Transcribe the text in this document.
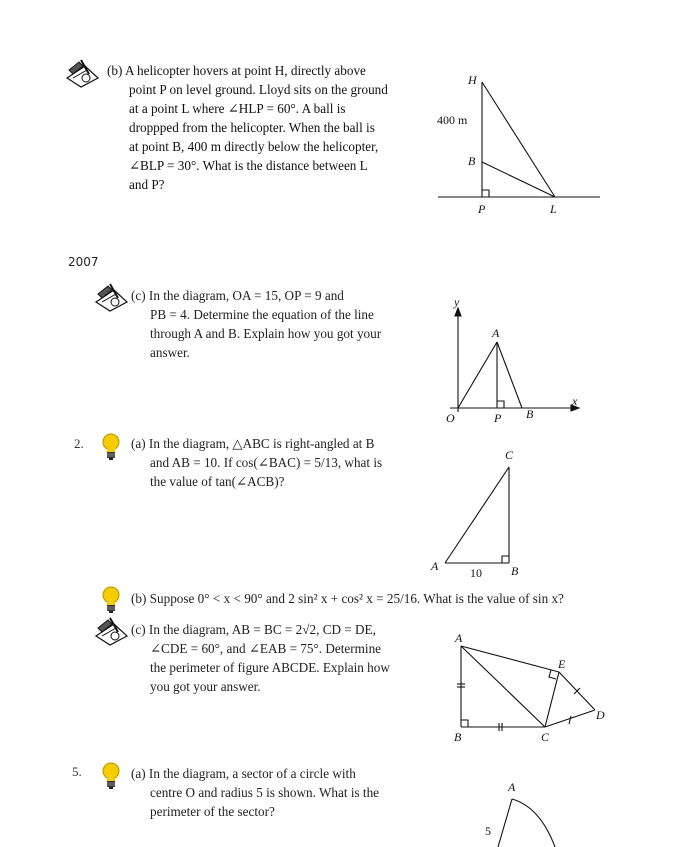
(b) A helicopter hovers at point H, directly above
point P on level ground. Lloyd sits on the ground
at a point L where ∠HLP = 60°. A ball is
droppped from the helicopter. When the ball is
at point B, 400 m directly below the helicopter,
∠BLP = 30°. What is the distance between L
and P?
H
400 m
B
P	L
2007
(c) In the diagram, OA = 15, OP = 9 and
PB = 4. Determine the equation of the line
through A and B. Explain how you got your
answer.
y
x
O
A
P B
2.	(a) In the diagram, △ABC is right-angled at B
and AB = 10. If cos(∠BAC) = 5/13, what is
the value of tan(∠ACB)?
C
A	10 B
(b) Suppose 0° < x < 90° and 2 sin² x + cos² x = 25/16. What is the value of sin x?
(c) In the diagram, AB = BC = 2√2, CD = DE,
∠CDE = 60°, and ∠EAB = 75°. Determine
the perimeter of figure ABCDE. Explain how
you got your answer.
A
E
D
B	C
5.	(a) In the diagram, a sector of a circle with
centre O and radius 5 is shown. What is the
perimeter of the sector?
A
5
